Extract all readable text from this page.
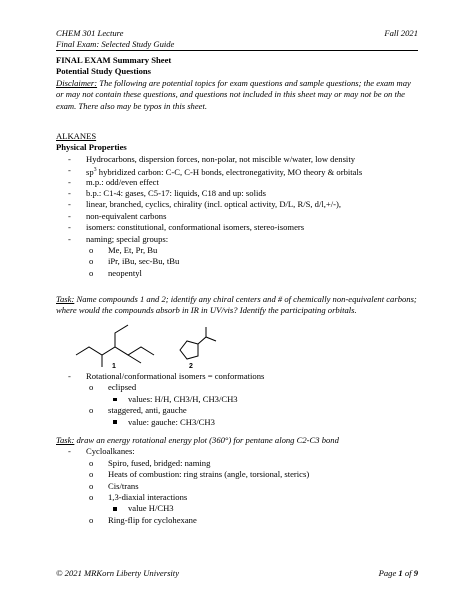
CHEM 301 Lecture
Final Exam: Selected Study Guide
Fall 2021
FINAL EXAM Summary Sheet
Potential Study Questions
Disclaimer: The following are potential topics for exam questions and sample questions; the exam may or may not contain these questions, and questions not included in this sheet may or may not be on the exam. There also may be typos in this sheet.
ALKANES
Physical Properties
- Hydrocarbons, dispersion forces, non-polar, not miscible w/water, low density
- $sp^3$ hybridized carbon: C-C, C-H bonds, electronegativity, MO theory & orbitals
- m.p.: odd/even effect
- b.p.: C1-4: gases, C5-17: liquids, C18 and up: solids
- linear, branched, cyclics, chirality (incl. optical activity, D/L, R/S, d/l,+/-),
- non-equivalent carbons
- isomers: constitutional, conformational isomers, stereo-isomers
- naming; special groups:
o Me, Et, Pr, Bu
o iPr, iBu, sec-Bu, tBu
o neopentyl
Task: Name compounds 1 and 2; identify any chiral centers and # of chemically non-equivalent carbons; where would the compounds absorb in IR in UV/vis? Identify the participating orbitals.
1	2
- Rotational/conformational isomers = conformations
o eclipsed
values: H/H, CH3/H, CH3/CH3
o staggered, anti, gauche
value: gauche: CH3/CH3
Task: draw an energy rotational energy plot (360°) for pentane along C2-C3 bond
- Cycloalkanes:
o Spiro, fused, bridged: naming
o Heats of combustion: ring strains (angle, torsional, sterics)
o Cis/trans
o 1,3-diaxial interactions
value H/CH3
o Ring-flip for cyclohexane
© 2021 MRKorn Liberty University	Page 1 of 9
